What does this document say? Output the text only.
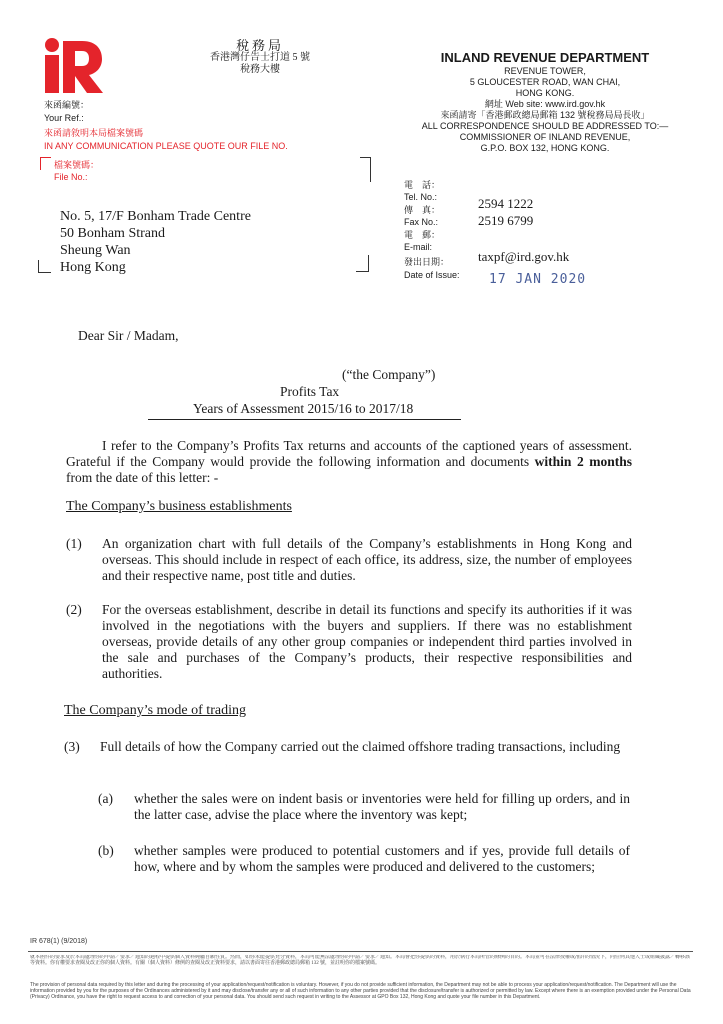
稅務局
香港灣仔告士打道 5 號
稅務大樓
INLAND REVENUE DEPARTMENT
REVENUE TOWER,
5 GLOUCESTER ROAD, WAN CHAI,
HONG KONG.
網址 Web site: www.ird.gov.hk
來函請寄「香港郵政總局郵箱 132 號稅務局局長收」
ALL CORRESPONDENCE SHOULD BE ADDRESSED TO:—
COMMISSIONER OF INLAND REVENUE,
G.P.O. BOX 132, HONG KONG.
來函編號：
Your Ref.:
來函請敘明本局檔案號碼
IN ANY COMMUNICATION PLEASE QUOTE OUR FILE NO.
檔案號碼：
File No.:
No. 5, 17/F Bonham Trade Centre
50 Bonham Strand
Sheung Wan
Hong Kong
電　話：
Tel. No.:
傳　真：
Fax No.:
電　郵：
E-mail:
發出日期：
Date of Issue:
2594 1222
2519 6799
taxpf@ird.gov.hk
17 JAN 2020
Dear Sir / Madam,
(“the Company”)
Profits Tax
Years of Assessment 2015/16 to 2017/18
I refer to the Company’s Profits Tax returns and accounts of the captioned years of assessment. Grateful if the Company would provide the following information and documents within 2 months from the date of this letter: -
The Company’s business establishments
(1) An organization chart with full details of the Company’s establishments in Hong Kong and overseas. This should include in respect of each office, its address, size, the number of employees and their respective name, post title and duties.
(2) For the overseas establishment, describe in detail its functions and specify its authorities if it was involved in the negotiations with the buyers and suppliers. If there was no establishment overseas, provide details of any other group companies or independent third parties involved in the sale and purchases of the Company’s products, their respective responsibilities and authorities.
The Company’s mode of trading
(3) Full details of how the Company carried out the claimed offshore trading transactions, including
(a) whether the sales were on indent basis or inventories were held for filling up orders, and in the latter case, advise the place where the inventory was kept;
(b) whether samples were produced to potential customers and if yes, provide full details of how, where and by whom the samples were produced and delivered to the customers;
IR 678(1) (9/2018)
就本函件的要求及於本局處理你的申請／要求／通知的過程中提供個人資料純屬自願性質。然而，如你未能提供充分資料，本局可能無法處理你的申請／要求／通知。本局會把你提供的資料，用於執行本局所管的條例的目的。本局並可在法律授權或准許的情況下，向任何其他人士或組織披露／轉移該等資料。你有權要求查閱及改正你的個人資料。有關（個人資料）條例的查閱及改正資料要求，請以書面寄往香港郵政總局郵箱 132 號，並註明你的檔案號碼。
The provision of personal data required by this letter and during the processing of your application/request/notification is voluntary. However, if you do not provide sufficient information, the Department may not be able to process your application/request/notification. The Department will use the information provided by you for the purposes of the Ordinances administered by it and may disclose/transfer any or all of such information to any other parties provided that the disclosure/transfer is authorized or permitted by law. Except where there is an exemption provided under the Personal Data (Privacy) Ordinance, you have the right to request access to and correction of your personal data. You should send such request in writing to the Assessor at GPO Box 132, Hong Kong and quote your file number in this Department.
